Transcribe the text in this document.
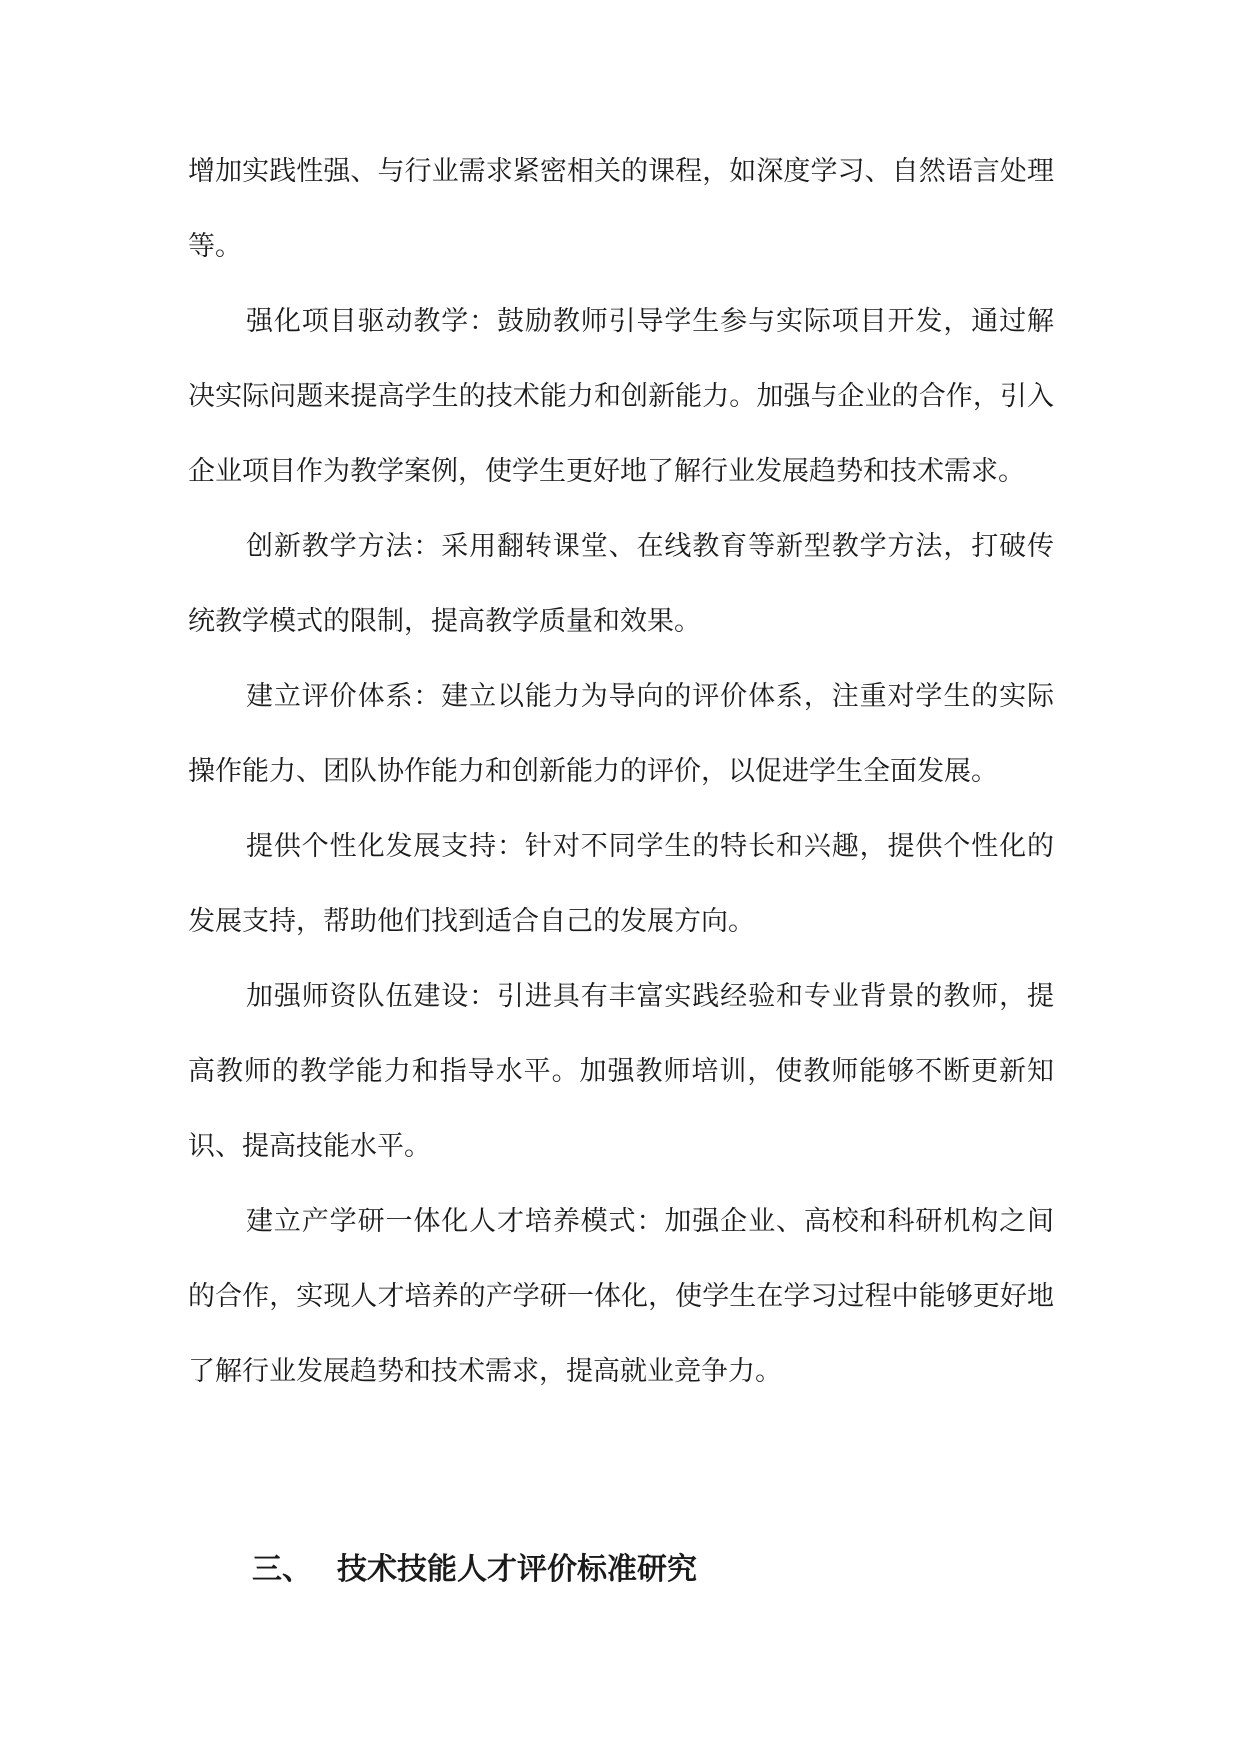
增加实践性强、与行业需求紧密相关的课程，如深度学习、自然语言处理等。

强化项目驱动教学：鼓励教师引导学生参与实际项目开发，通过解决实际问题来提高学生的技术能力和创新能力。加强与企业的合作，引入企业项目作为教学案例，使学生更好地了解行业发展趋势和技术需求。

创新教学方法：采用翻转课堂、在线教育等新型教学方法，打破传统教学模式的限制，提高教学质量和效果。

建立评价体系：建立以能力为导向的评价体系，注重对学生的实际操作能力、团队协作能力和创新能力的评价，以促进学生全面发展。

提供个性化发展支持：针对不同学生的特长和兴趣，提供个性化的发展支持，帮助他们找到适合自己的发展方向。

加强师资队伍建设：引进具有丰富实践经验和专业背景的教师，提高教师的教学能力和指导水平。加强教师培训，使教师能够不断更新知识、提高技能水平。

建立产学研一体化人才培养模式：加强企业、高校和科研机构之间的合作，实现人才培养的产学研一体化，使学生在学习过程中能够更好地了解行业发展趋势和技术需求，提高就业竞争力。

三、 技术技能人才评价标准研究
